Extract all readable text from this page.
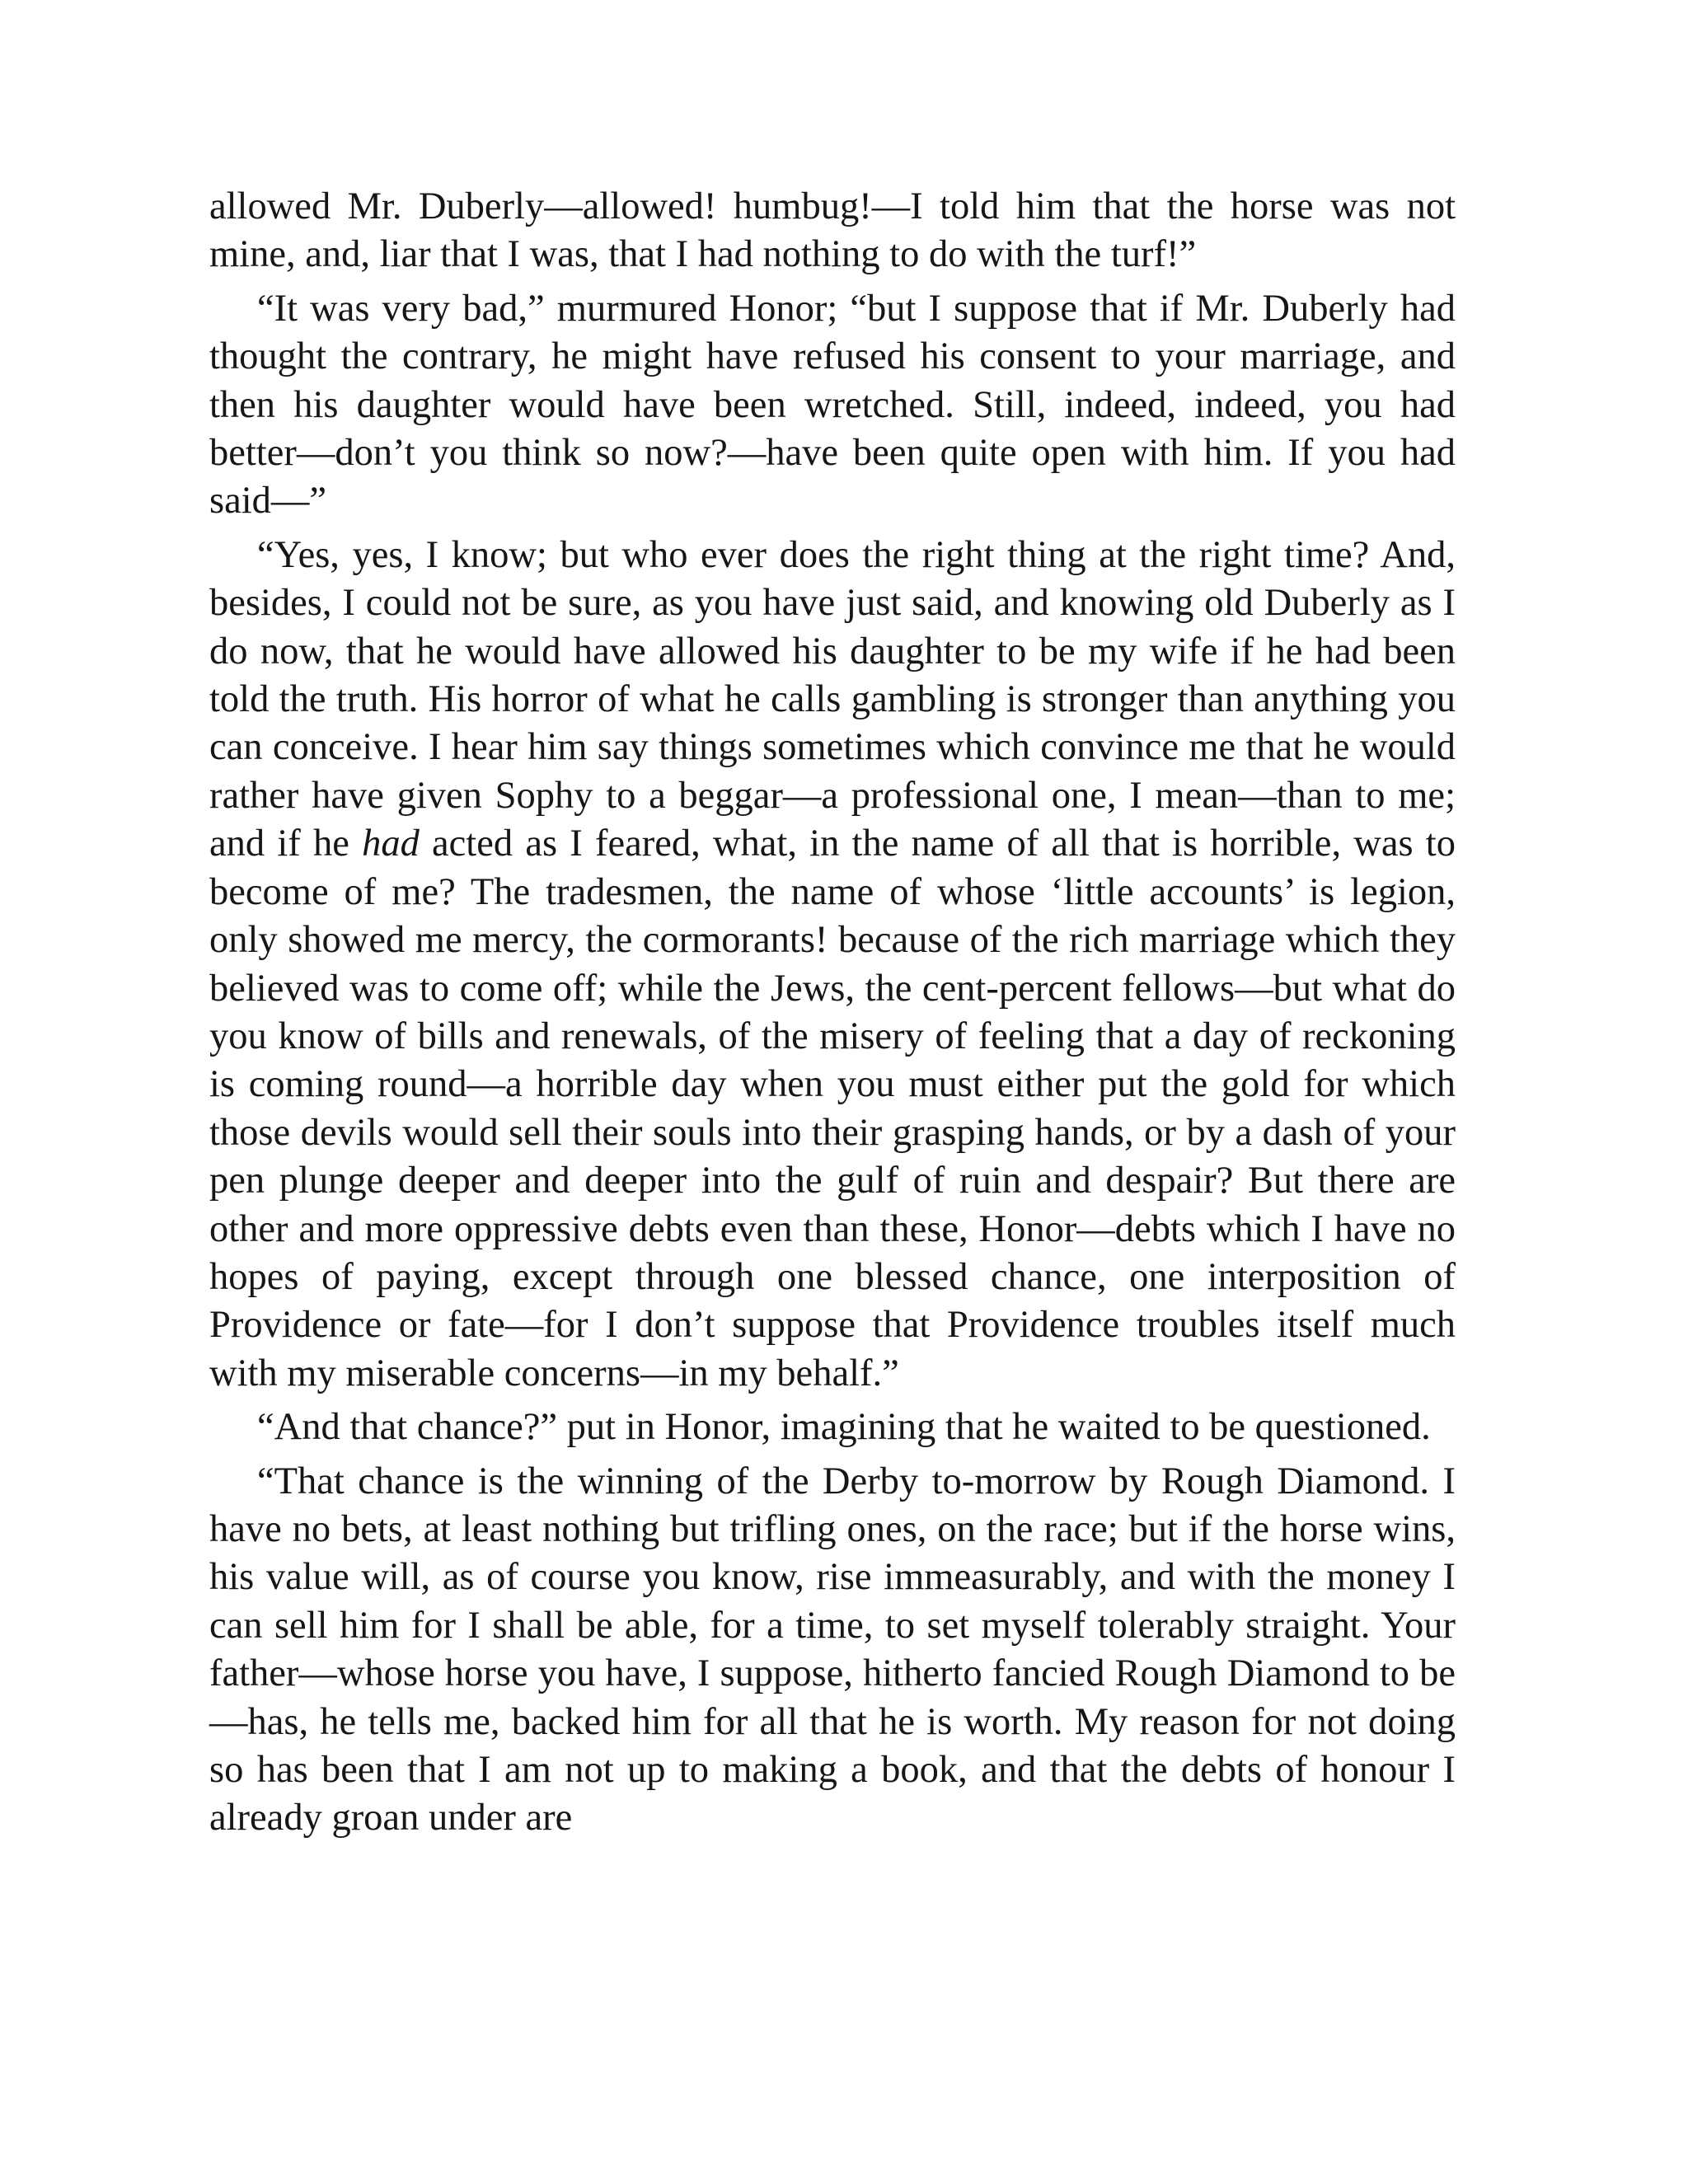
allowed Mr. Duberly—allowed! humbug!—I told him that the horse was not mine, and, liar that I was, that I had nothing to do with the turf!”

“It was very bad,” murmured Honor; “but I suppose that if Mr. Duberly had thought the contrary, he might have refused his consent to your marriage, and then his daughter would have been wretched. Still, indeed, indeed, you had better—don’t you think so now?—have been quite open with him. If you had said—”

“Yes, yes, I know; but who ever does the right thing at the right time? And, besides, I could not be sure, as you have just said, and knowing old Duberly as I do now, that he would have allowed his daughter to be my wife if he had been told the truth. His horror of what he calls gambling is stronger than anything you can conceive. I hear him say things sometimes which convince me that he would rather have given Sophy to a beggar—a professional one, I mean—than to me; and if he had acted as I feared, what, in the name of all that is horrible, was to become of me? The tradesmen, the name of whose ‘little accounts’ is legion, only showed me mercy, the cormorants! because of the rich marriage which they believed was to come off; while the Jews, the cent-percent fellows—but what do you know of bills and renewals, of the misery of feeling that a day of reckoning is coming round—a horrible day when you must either put the gold for which those devils would sell their souls into their grasping hands, or by a dash of your pen plunge deeper and deeper into the gulf of ruin and despair? But there are other and more oppressive debts even than these, Honor—debts which I have no hopes of paying, except through one blessed chance, one interposition of Providence or fate—for I don’t suppose that Providence troubles itself much with my miserable concerns—in my behalf.”

“And that chance?” put in Honor, imagining that he waited to be questioned.

“That chance is the winning of the Derby to-morrow by Rough Diamond. I have no bets, at least nothing but trifling ones, on the race; but if the horse wins, his value will, as of course you know, rise immeasurably, and with the money I can sell him for I shall be able, for a time, to set myself tolerably straight. Your father—whose horse you have, I suppose, hitherto fancied Rough Diamond to be—has, he tells me, backed him for all that he is worth. My reason for not doing so has been that I am not up to making a book, and that the debts of honour I already groan under are
